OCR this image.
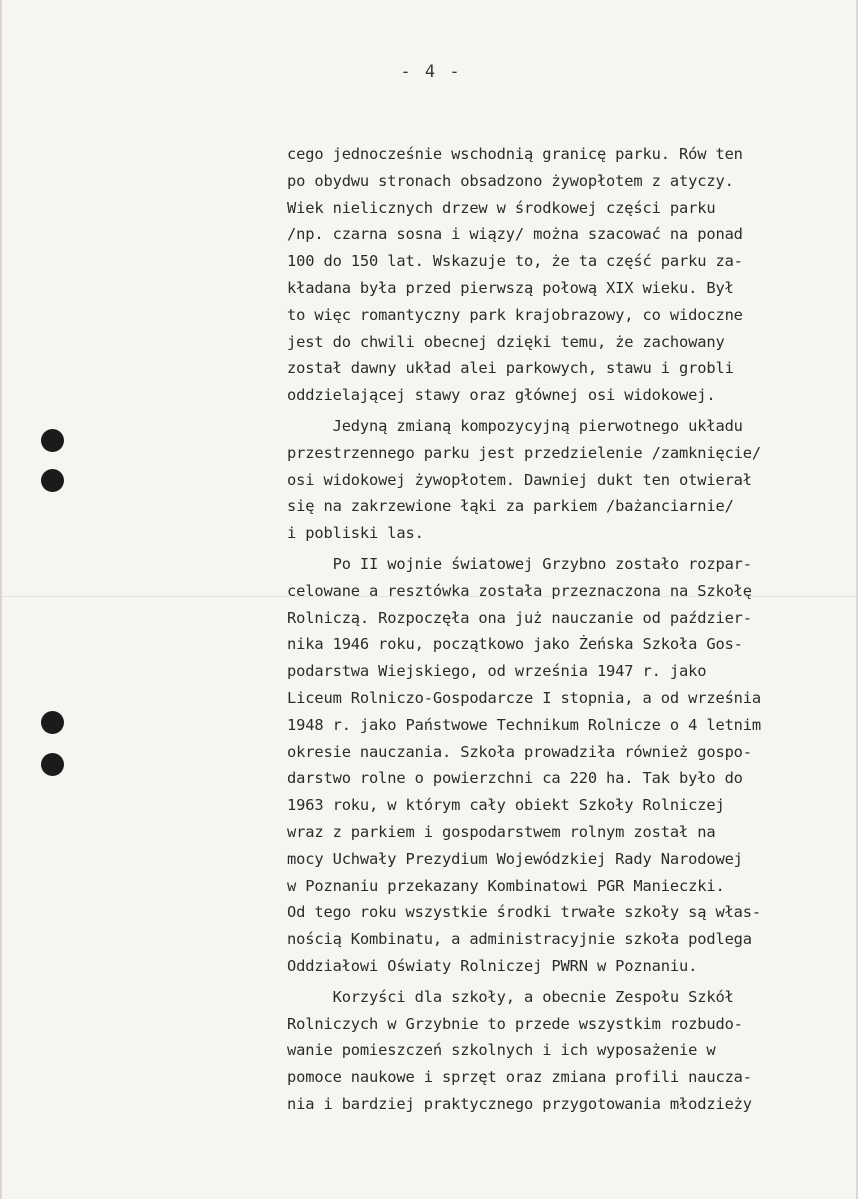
- 4 -
cego jednocześnie wschodnią granicę parku. Rów ten
po obydwu stronach obsadzono żywopłotem z atyczy.
Wiek nielicznych drzew w środkowej części parku
/np. czarna sosna i wiązy/ można szacować na ponad
100 do 150 lat. Wskazuje to, że ta część parku za-
kładana była przed pierwszą połową XIX wieku. Był
to więc romantyczny park krajobrazowy, co widoczne
jest do chwili obecnej dzięki temu, że zachowany
został dawny układ alei parkowych, stawu i grobli
oddzielającej stawy oraz głównej osi widokowej.
Jedyną zmianą kompozycyjną pierwotnego układu
przestrzennego parku jest przedzielenie /zamknięcie/
osi widokowej żywopłotem. Dawniej dukt ten otwierał
się na zakrzewione łąki za parkiem /bażanciarnie/
i pobliski las.
Po II wojnie światowej Grzybno zostało rozpar-
celowane a resztówka została przeznaczona na Szkołę
Rolniczą. Rozpoczęła ona już nauczanie od paździer-
nika 1946 roku, początkowo jako Żeńska Szkoła Gos-
podarstwa Wiejskiego, od września 1947 r. jako
Liceum Rolniczo-Gospodarcze I stopnia, a od września
1948 r. jako Państwowe Technikum Rolnicze o 4 letnim
okresie nauczania. Szkoła prowadziła również gospo-
darstwo rolne o powierzchni ca 220 ha. Tak było do
1963 roku, w którym cały obiekt Szkoły Rolniczej
wraz z parkiem i gospodarstwem rolnym został na
mocy Uchwały Prezydium Wojewódzkiej Rady Narodowej
w Poznaniu przekazany Kombinatowi PGR Manieczki.
Od tego roku wszystkie środki trwałe szkoły są włas-
nością Kombinatu, a administracyjnie szkoła podlega
Oddziałowi Oświaty Rolniczej PWRN w Poznaniu.
Korzyści dla szkoły, a obecnie Zespołu Szkół
Rolniczych w Grzybnie to przede wszystkim rozbudo-
wanie pomieszczeń szkolnych i ich wyposażenie w
pomoce naukowe i sprzęt oraz zmiana profili naucza-
nia i bardziej praktycznego przygotowania młodzieży
